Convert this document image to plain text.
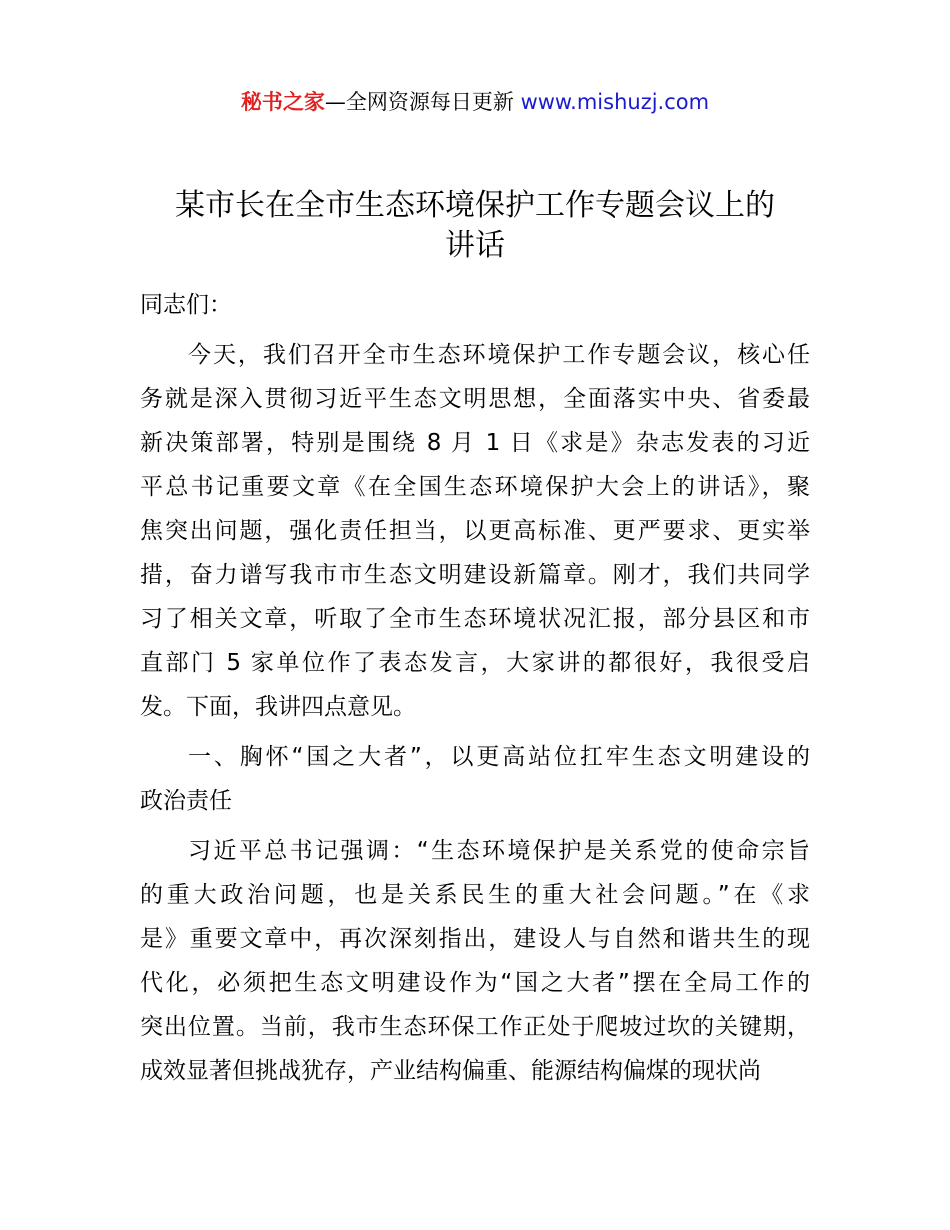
秘书之家—全网资源每日更新 www.mishuzj.com
某市长在全市生态环境保护工作专题会议上的
讲话
同志们：
今天，我们召开全市生态环境保护工作专题会议，核心任
务就是深入贯彻习近平生态文明思想，全面落实中央、省委最
新决策部署，特别是围绕 8 月 1 日《求是》杂志发表的习近
平总书记重要文章《在全国生态环境保护大会上的讲话》，聚
焦突出问题，强化责任担当，以更高标准、更严要求、更实举
措，奋力谱写我市市生态文明建设新篇章。刚才，我们共同学
习了相关文章，听取了全市生态环境状况汇报，部分县区和市
直部门 5 家单位作了表态发言，大家讲的都很好，我很受启
发。下面，我讲四点意见。
一、胸怀“国之大者”，以更高站位扛牢生态文明建设的
政治责任
习近平总书记强调：“生态环境保护是关系党的使命宗旨
的重大政治问题，也是关系民生的重大社会问题。”在《求
是》重要文章中，再次深刻指出，建设人与自然和谐共生的现
代化，必须把生态文明建设作为“国之大者”摆在全局工作的
突出位置。当前，我市生态环保工作正处于爬坡过坎的关键期，
成效显著但挑战犹存，产业结构偏重、能源结构偏煤的现状尚
